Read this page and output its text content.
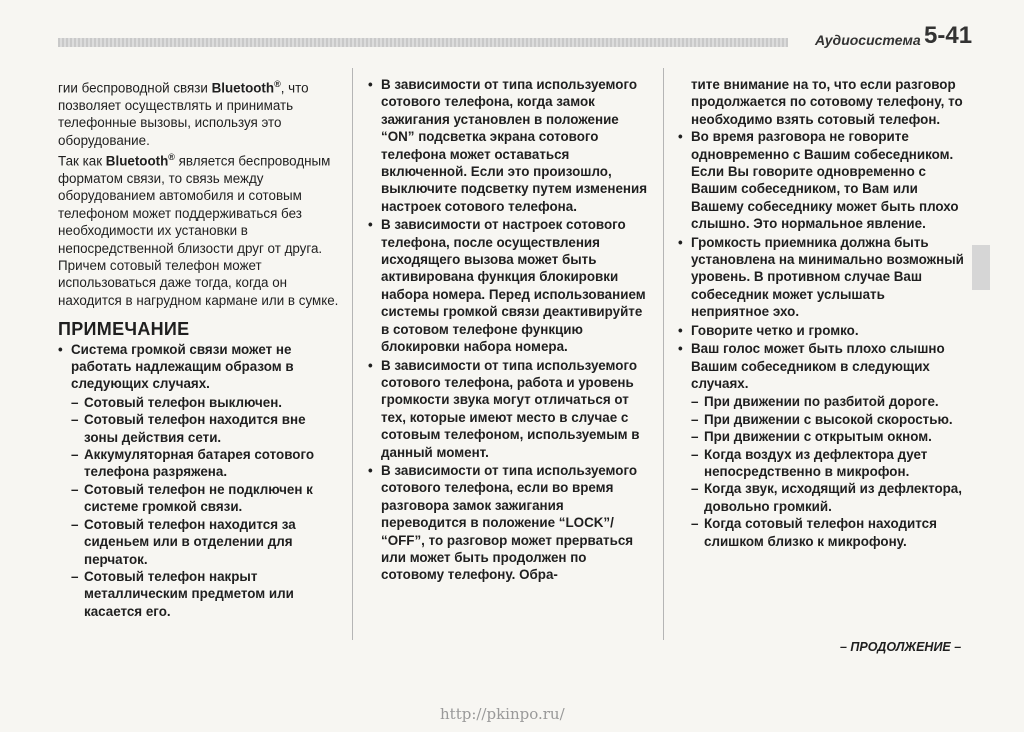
Аудиосистема 5-41

гии беспроводной связи Bluetooth®, что позволяет осуществлять и принимать телефонные вызовы, используя это оборудование.

Так как Bluetooth® является беспроводным форматом связи, то связь между оборудованием автомобиля и сотовым телефоном может поддерживаться без необходимости их установки в непосредственной близости друг от друга. Причем сотовый телефон может использоваться даже тогда, когда он находится в нагрудном кармане или в сумке.

ПРИМЕЧАНИЕ
• Система громкой связи может не работать надлежащим образом в следующих случаях.
– Сотовый телефон выключен.
– Сотовый телефон находится вне зоны действия сети.
– Аккумуляторная батарея сотового телефона разряжена.
– Сотовый телефон не подключен к системе громкой связи.
– Сотовый телефон находится за сиденьем или в отделении для перчаток.
– Сотовый телефон накрыт металлическим предметом или касается его.
• В зависимости от типа используемого сотового телефона, когда замок зажигания установлен в положение “ON” подсветка экрана сотового телефона может оставаться включенной. Если это произошло, выключите подсветку путем изменения настроек сотового телефона.
• В зависимости от настроек сотового телефона, после осуществления исходящего вызова может быть активирована функция блокировки набора номера. Перед использованием системы громкой связи деактивируйте в сотовом телефоне функцию блокировки набора номера.
• В зависимости от типа используемого сотового телефона, работа и уровень громкости звука могут отличаться от тех, которые имеют место в случае с сотовым телефоном, используемым в данный момент.
• В зависимости от типа используемого сотового телефона, если во время разговора замок зажигания переводится в положение “LOCK”/ “OFF”, то разговор может прерваться или может быть продолжен по сотовому телефону. Обра-

тите внимание на то, что если разговор продолжается по сотовому телефону, то необходимо взять сотовый телефон.

• Во время разговора не говорите одновременно с Вашим собеседником. Если Вы говорите одновременно с Вашим собеседником, то Вам или Вашему собеседнику может быть плохо слышно. Это нормальное явление.
• Громкость приемника должна быть установлена на минимально возможный уровень. В противном случае Ваш собеседник может услышать неприятное эхо.
• Говорите четко и громко.
• Ваш голос может быть плохо слышно Вашим собеседником в следующих случаях.
– При движении по разбитой дороге.
– При движении с высокой скоростью.
– При движении с открытым окном.
– Когда воздух из дефлектора дует непосредственно в микрофон.
– Когда звук, исходящий из дефлектора, довольно громкий.
– Когда сотовый телефон находится слишком близко к микрофону.
– ПРОДОЛЖЕНИЕ –
http://pkinpo.ru/
